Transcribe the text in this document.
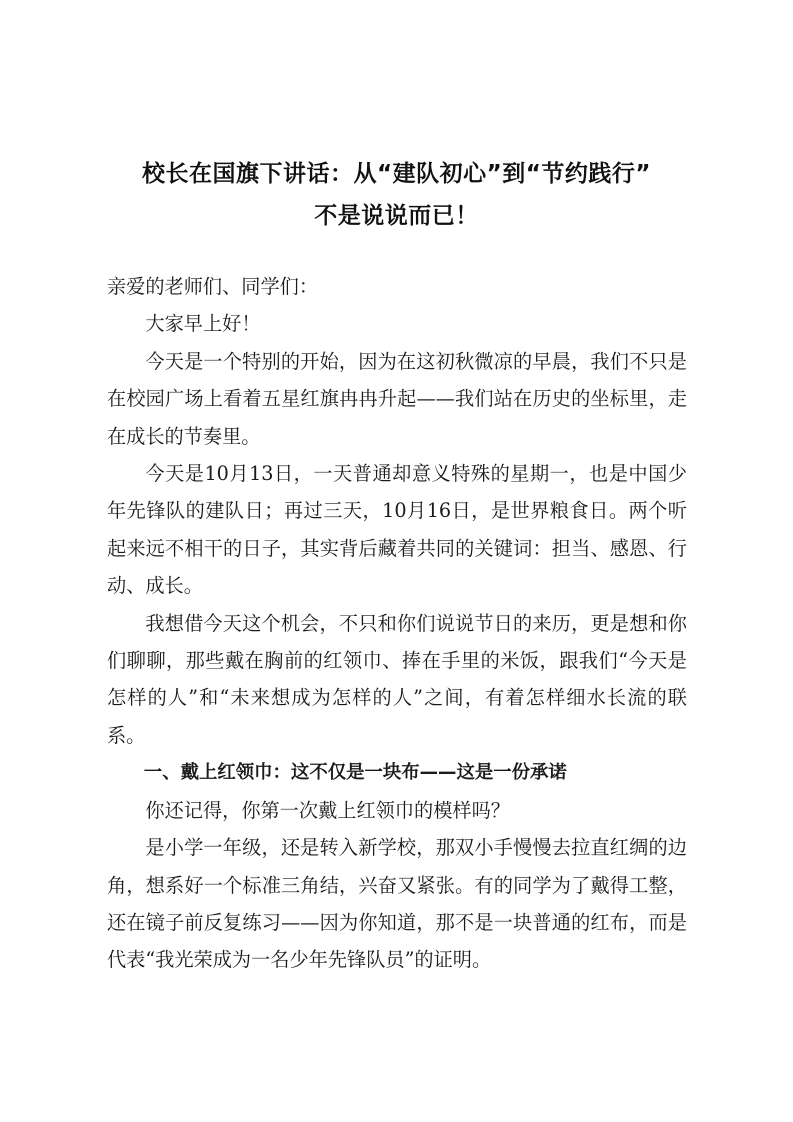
校长在国旗下讲话：从“建队初心”到“节约践行”
不是说说而已！

亲爱的老师们、同学们：

大家早上好！

今天是一个特别的开始，因为在这初秋微凉的早晨，我们不只是在校园广场上看着五星红旗冉冉升起——我们站在历史的坐标里，走在成长的节奏里。

今天是10月13日，一天普通却意义特殊的星期一，也是中国少年先锋队的建队日；再过三天，10月16日，是世界粮食日。两个听起来远不相干的日子，其实背后藏着共同的关键词：担当、感恩、行动、成长。

我想借今天这个机会，不只和你们说说节日的来历，更是想和你们聊聊，那些戴在胸前的红领巾、捧在手里的米饭，跟我们“今天是怎样的人”和“未来想成为怎样的人”之间，有着怎样细水长流的联系。

一、戴上红领巾：这不仅是一块布——这是一份承诺

你还记得，你第一次戴上红领巾的模样吗？

是小学一年级，还是转入新学校，那双小手慢慢去拉直红绸的边角，想系好一个标准三角结，兴奋又紧张。有的同学为了戴得工整，还在镜子前反复练习——因为你知道，那不是一块普通的红布，而是代表“我光荣成为一名少年先锋队员”的证明。
